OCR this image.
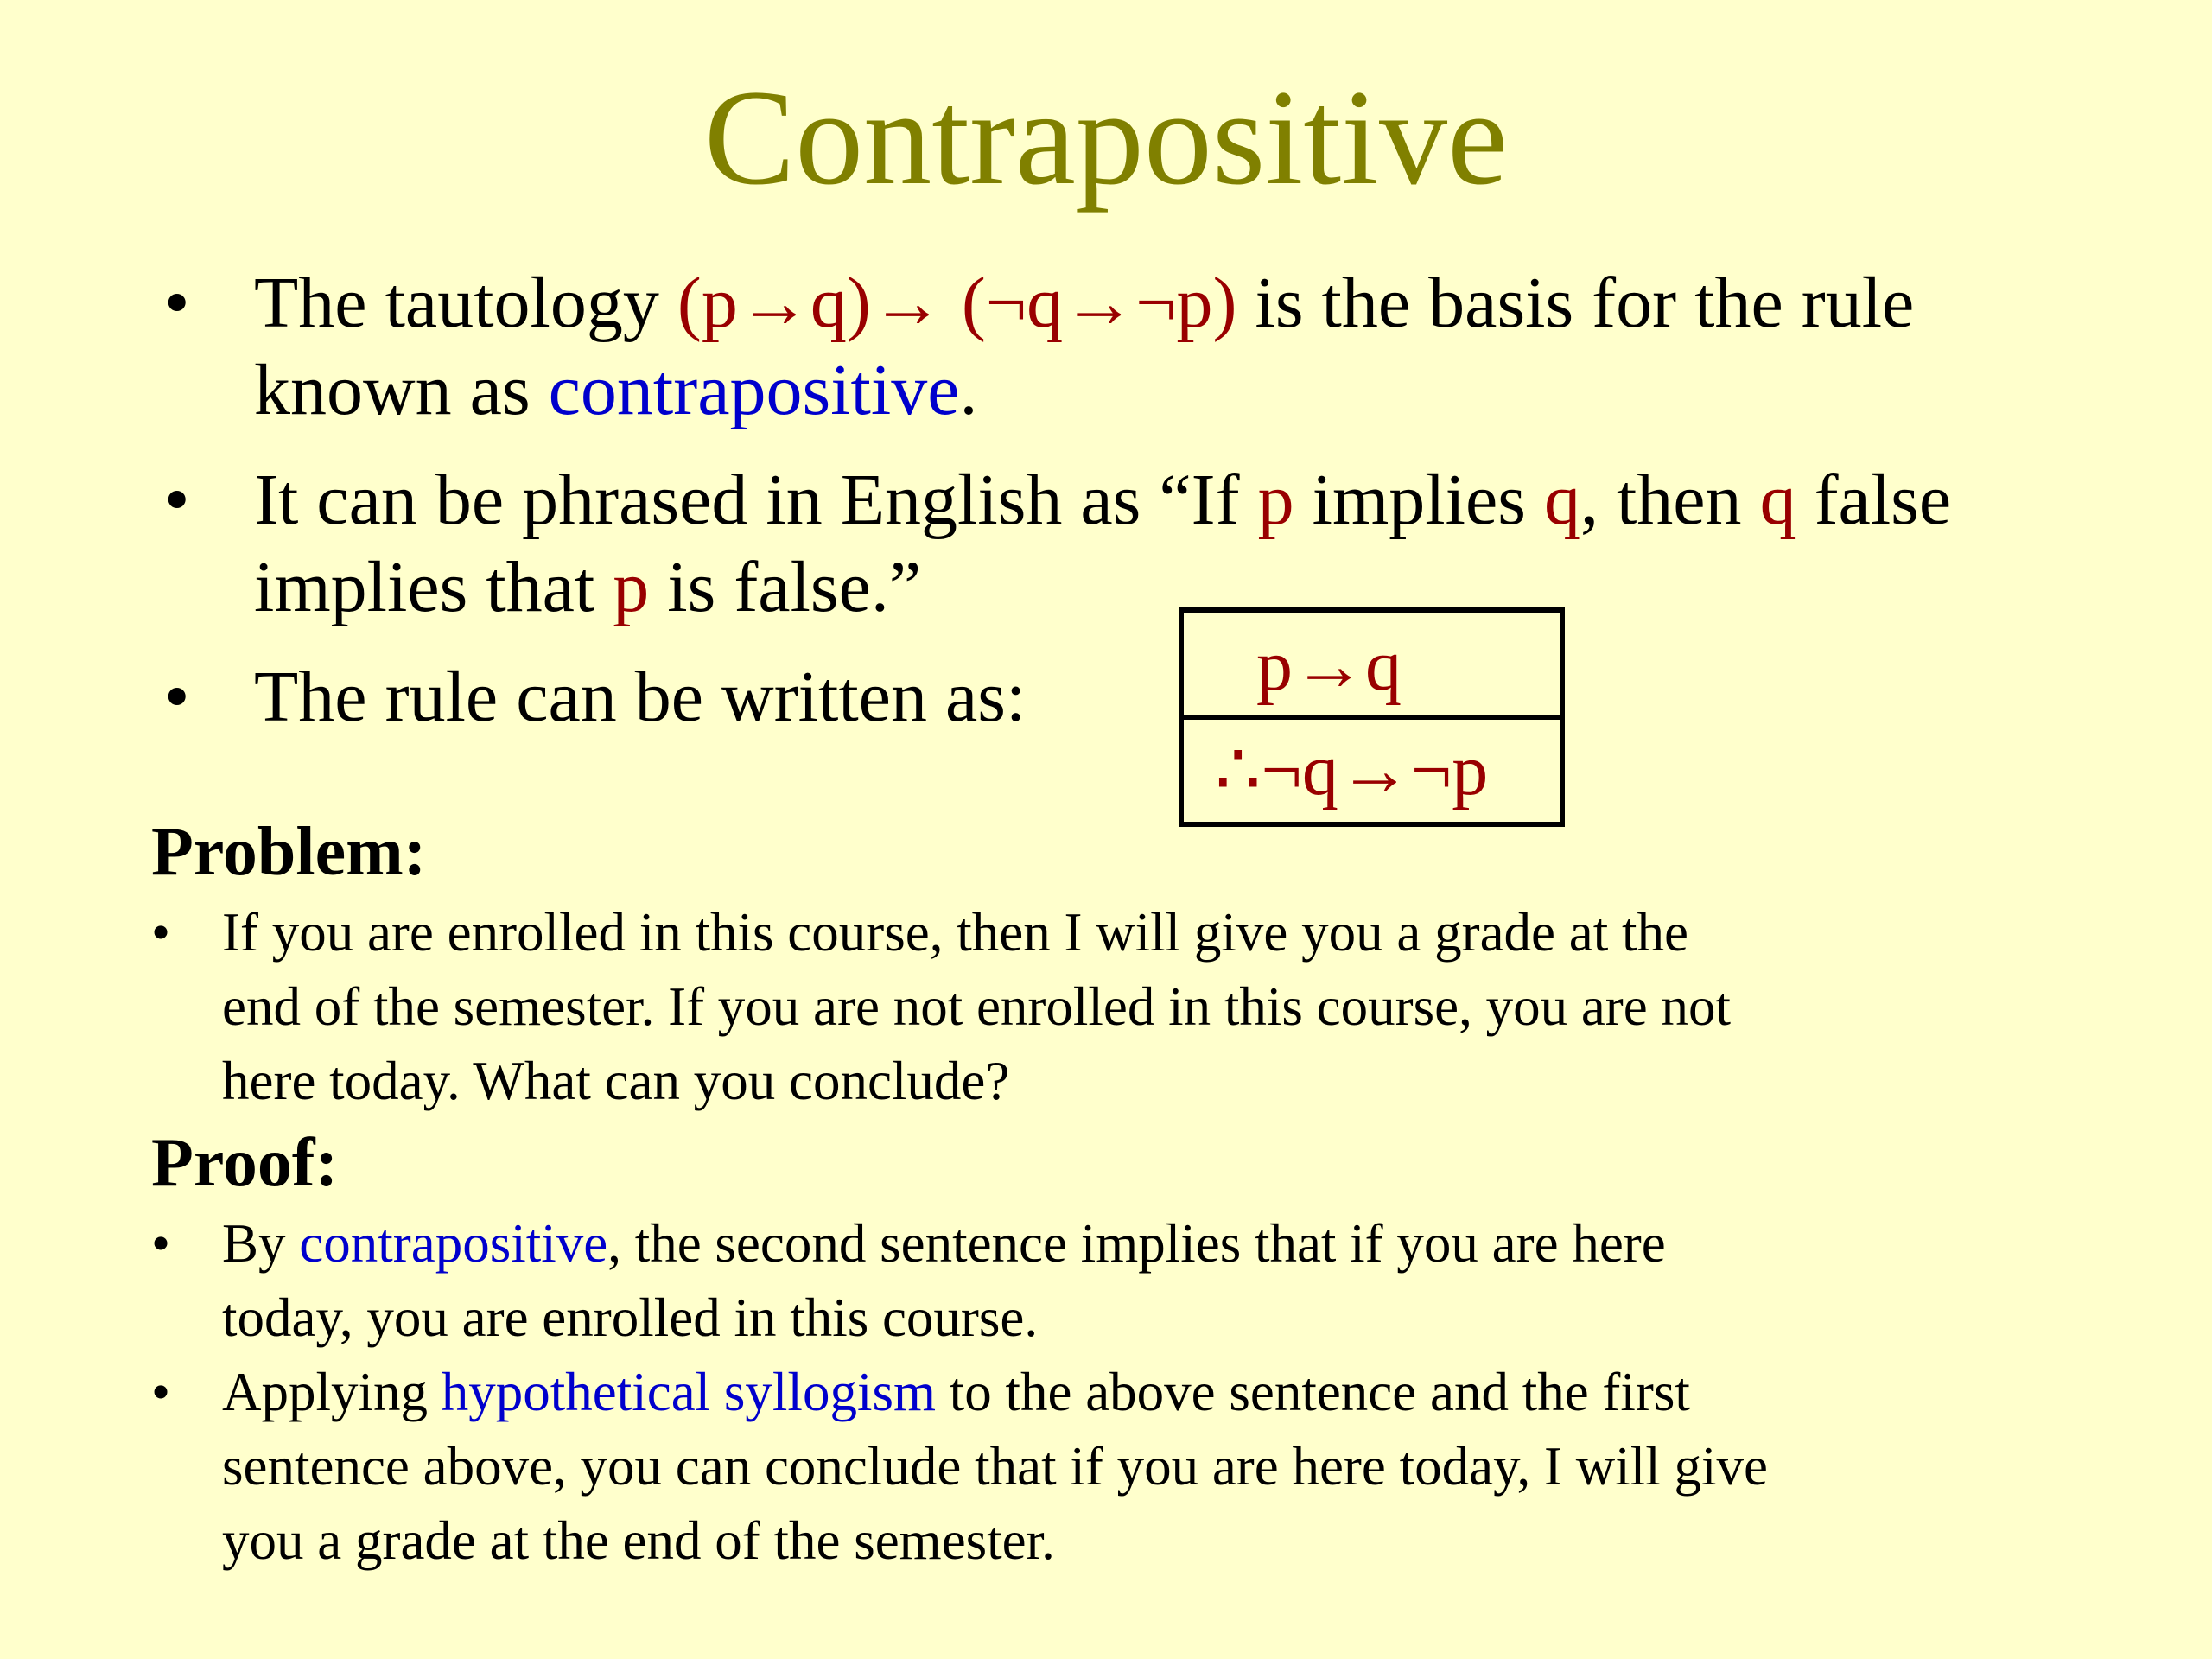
Contrapositive
• The tautology (p→q)→ (¬q→¬p) is the basis for the rule
known as contrapositive.
• It can be phrased in English as “If p implies q, then q false
implies that p is false.”
• The rule can be written as:	p→q
∴¬q→¬p
Problem:
• If you are enrolled in this course, then I will give you a grade at the
end of the semester. If you are not enrolled in this course, you are not
here today. What can you conclude?
Proof:
• By contrapositive, the second sentence implies that if you are here
today, you are enrolled in this course.
• Applying hypothetical syllogism to the above sentence and the first
sentence above, you can conclude that if you are here today, I will give
you a grade at the end of the semester.
